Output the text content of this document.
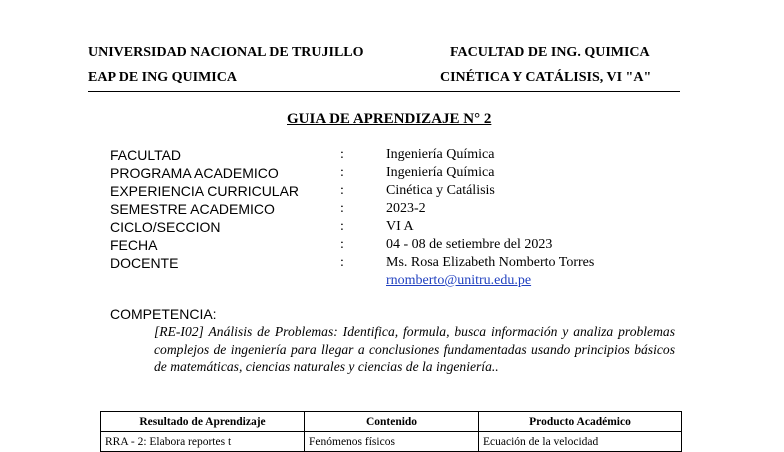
UNIVERSIDAD NACIONAL DE TRUJILLO	FACULTAD DE ING. QUIMICA
EAP DE ING QUIMICA	CINÉTICA Y CATÁLISIS, VI "A"
GUIA DE APRENDIZAJE N° 2
FACULTAD	:	Ingeniería Química
PROGRAMA ACADEMICO	:	Ingeniería Química
EXPERIENCIA CURRICULAR	:	Cinética y Catálisis
SEMESTRE ACADEMICO	:	2023-2
CICLO/SECCION	:	VI A
FECHA	:	04 - 08 de setiembre del 2023
DOCENTE	:	Ms. Rosa Elizabeth Nomberto Torres
rnomberto@unitru.edu.pe
COMPETENCIA:
[RE-I02] Análisis de Problemas: Identifica, formula, busca información y analiza problemas complejos de ingeniería para llegar a conclusiones fundamentadas usando principios básicos de matemáticas, ciencias naturales y ciencias de la ingeniería..
Resultado de Aprendizaje	Contenido	Producto Académico
RRA - 2: Elabora reportes t	Fenómenos físicos	Ecuación de la velocidad
